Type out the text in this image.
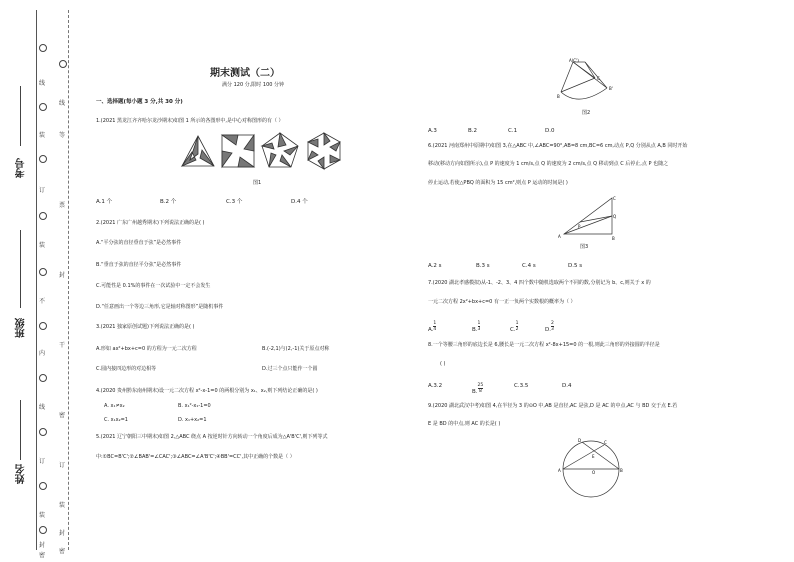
考号
班级
姓名
线
装
订
装
不
内
线
订
装
封
密
线
等
票
封
干
密
订
装
封
密
期末测试（二）
满分 120 分,限时 100 分钟
一、选择题(每小题 3 分,共 30 分)
1.(2021 黑龙江齐齐哈尔龙沙期末)如图 1 所示的各图形中,是中心对称图形的有（ ）
图1
A.1 个	B.2 个	C.3 个	D.4 个
2.(2021 广东广州越秀期末)下列说法正确的是( )
A.“平分弦的直径垂直于弦”是必然事件
B.“垂直于弦的直径平分弦”是必然事件
C.可能性是 0.1%的事件在一次试验中一定不会发生
D.“任意画出一个等边三角形,它是轴对称图形”是随机事件
3.(2021 独家原创试题)下列说法正确的是( )
A.形如 ax²+bx+c=0 的方程为一元二次方程	B.(-2,1)与(2,-1)关于原点对称
C.圆内接四边形的对边相等	D.过三个点只能作一个圆
4.(2020 贵州黔东南州期末)设一元二次方程 x²-x-1=0 的两根分别为 x₁、x₂,则下列结论正确的是( )
A. x₁≠x₂	B. x₁²-x₁-1=0
C. x₁x₂=1	D. x₁+x₂=1
5.(2021 辽宁朝阳三中期末)如图 2,△ABC 绕点 A 按逆时针方向转动一个角度后成为△A'B'C',则下列等式
中:①BC=B'C';②∠BAB'=∠CAC';③∠ABC=∠A'B'C';④BB'=CC',其中正确的个数是（ ）
A(C')
B
B'
C
图2
A.3	B.2	C.1	D.0
6.(2021 河南郑州中原期中)如图 3,在△ABC 中,∠ABC=90°,AB=8 cm,BC=6 cm,动点 P,Q 分别从点 A,B 同时开始
移动(移动方向如图所示),点 P 的速度为 1 cm/s,点 Q 的速度为 2 cm/s,点 Q 移动到点 C 后停止,点 P 也随之
停止运动,若使△PBQ 的面积为 15 cm²,则点 P 运动的时间是( )
A	B
C
Q
P
图3
A.2 s	B.3 s	C.4 s	D.5 s
7.(2020 湖北孝感模拟)从-1、-2、3、4 四个数中随机选取两个不同的数,分别记为 b、c,则关于 x 的
一元二次方程 2x²+bx+c=0 有一正一负两个实数根的概率为（ ）
A. $\frac{1}{4}$	B. $\frac{1}{3}$	C. $\frac{1}{2}$	D. $\frac{2}{3}$
8.一个等腰三角形的底边长是 6,腰长是一元二次方程 x²-8x+15=0 的一根,则此三角形的外接圆的半径是
( )
A.3.2
B. $\frac{25}{8}$	C.3.5	D.4
9.(2020 湖北武汉中考)如图 4,在半径为 3 的⊙O 中,AB 是直径,AC 是弦,D 是 AC 的中点,AC 与 BD 交于点 E.若
E 是 BD 的中点,则 AC 的长是( )
A	B
C
D
O
E
